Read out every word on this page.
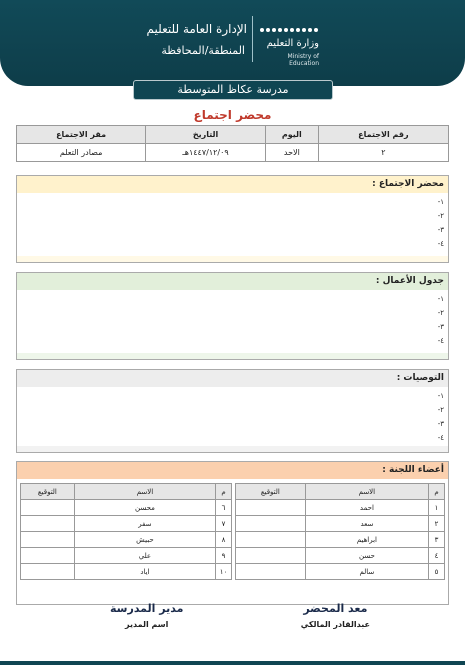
وزارة التعليم
Ministry of Education
الإدارة العامة للتعليم
المنطقة/المحافظة
مدرسة عكاظ المتوسطة
محضر اجتماع
رقم الاجتماع	اليوم	التاريخ	مقر الاجتماع
٢	الاحد	١٤٤٧/١٢/٠٩هـ	مصادر التعلم
محضر الاجتماع :
١-
٢-
٣-
٤-
جدول الأعمال :
١-
٢-
٣-
٤-
التوصيات :
١-
٢-
٣-
٤-
أعضاء اللجنة :
م	الاسم	التوقيع
١	احمد	
٢	سعد	
٣	ابراهيم	
٤	حسن	
٥	سالم	
م	الاسم	التوقيع
٦	محسن	
٧	سفر	
٨	حبيش	
٩	علي	
١٠	اياد	
معد المحضر
عبدالقادر المالكي
مدير المدرسة
اسم المدير
